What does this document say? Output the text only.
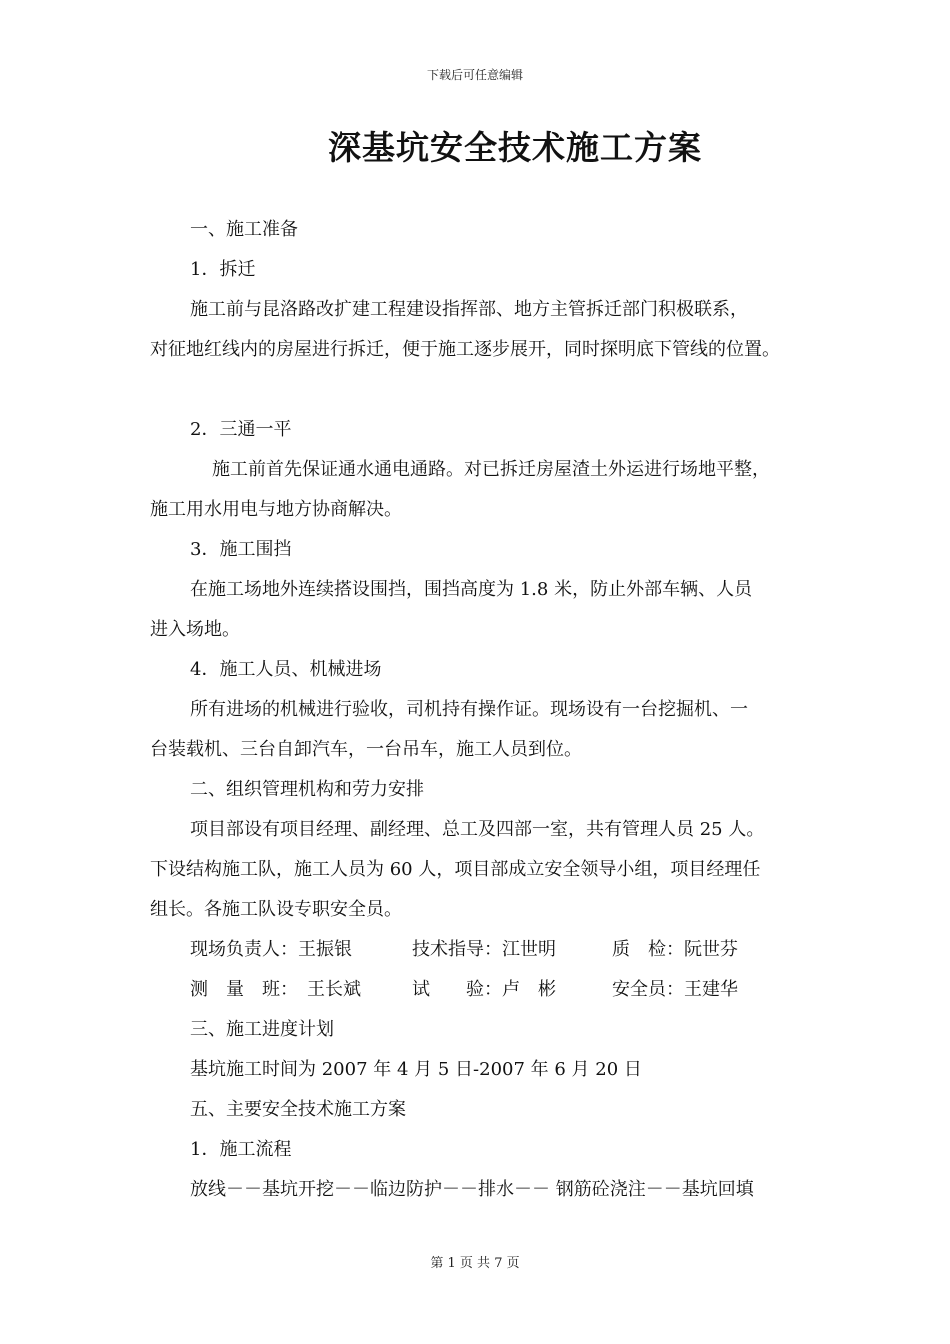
下载后可任意编辑
深基坑安全技术施工方案
一、施工准备
1．拆迁
施工前与昆洛路改扩建工程建设指挥部、地方主管拆迁部门积极联系，
对征地红线内的房屋进行拆迁，便于施工逐步展开，同时探明底下管线的位置。
2．三通一平
施工前首先保证通水通电通路。对已拆迁房屋渣土外运进行场地平整，
施工用水用电与地方协商解决。
3．施工围挡
在施工场地外连续搭设围挡，围挡高度为 1.8 米，防止外部车辆、人员
进入场地。
4．施工人员、机械进场
所有进场的机械进行验收，司机持有操作证。现场设有一台挖掘机、一
台装载机、三台自卸汽车，一台吊车，施工人员到位。
二、组织管理机构和劳力安排
项目部设有项目经理、副经理、总工及四部一室，共有管理人员 25 人。
下设结构施工队，施工人员为 60 人，项目部成立安全领导小组，项目经理任
组长。各施工队设专职安全员。
现场负责人：王振银	技术指导：江世明	质　检：阮世芬
测　量　班：　王长斌	试　　验：卢　彬	安全员：王建华
三、施工进度计划
基坑施工时间为 2007 年 4 月 5 日-2007 年 6 月 20 日
五、主要安全技术施工方案
1．施工流程
放线－－基坑开挖－－临边防护－－排水－－ 钢筋砼浇注－－基坑回填
第 1 页 共 7 页
